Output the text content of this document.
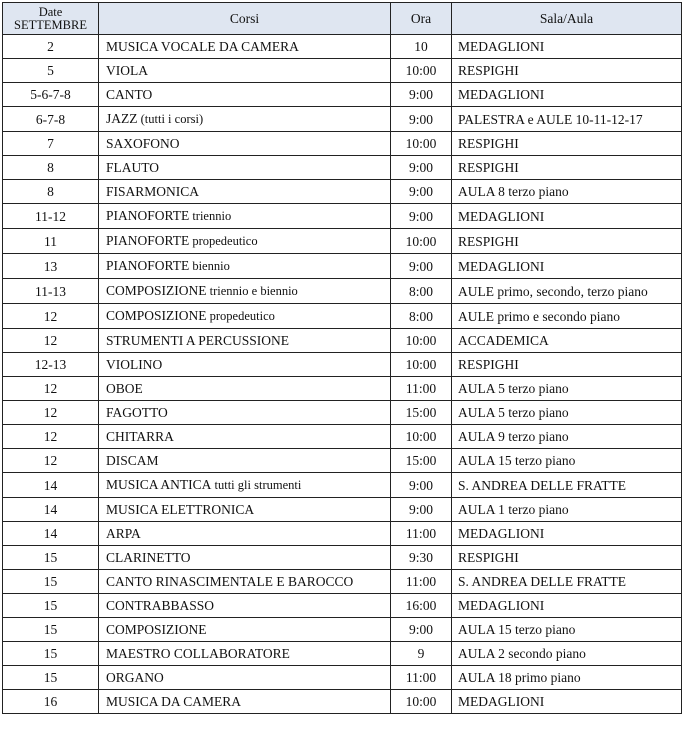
Date
SETTEMBRE	Corsi	Ora	Sala/Aula
2	MUSICA VOCALE DA CAMERA	10	MEDAGLIONI
5	VIOLA	10:00	RESPIGHI
5-6-7-8	CANTO	9:00	MEDAGLIONI
6-7-8	JAZZ (tutti i corsi)	9:00	PALESTRA e AULE 10-11-12-17
7	SAXOFONO	10:00	RESPIGHI
8	FLAUTO	9:00	RESPIGHI
8	FISARMONICA	9:00	AULA 8 terzo piano
11-12	PIANOFORTE triennio	9:00	MEDAGLIONI
11	PIANOFORTE propedeutico	10:00	RESPIGHI
13	PIANOFORTE biennio	9:00	MEDAGLIONI
11-13	COMPOSIZIONE triennio e biennio	8:00	AULE primo, secondo, terzo piano
12	COMPOSIZIONE propedeutico	8:00	AULE primo e secondo piano
12	STRUMENTI A PERCUSSIONE	10:00	ACCADEMICA
12-13	VIOLINO	10:00	RESPIGHI
12	OBOE	11:00	AULA 5 terzo piano
12	FAGOTTO	15:00	AULA 5 terzo piano
12	CHITARRA	10:00	AULA 9 terzo piano
12	DISCAM	15:00	AULA 15 terzo piano
14	MUSICA ANTICA tutti gli strumenti	9:00	S. ANDREA DELLE FRATTE
14	MUSICA ELETTRONICA	9:00	AULA 1 terzo piano
14	ARPA	11:00	MEDAGLIONI
15	CLARINETTO	9:30	RESPIGHI
15	CANTO RINASCIMENTALE E BAROCCO	11:00	S. ANDREA DELLE FRATTE
15	CONTRABBASSO	16:00	MEDAGLIONI
15	COMPOSIZIONE	9:00	AULA 15 terzo piano
15	MAESTRO COLLABORATORE	9	AULA 2 secondo piano
15	ORGANO	11:00	AULA 18 primo piano
16	MUSICA DA CAMERA	10:00	MEDAGLIONI
